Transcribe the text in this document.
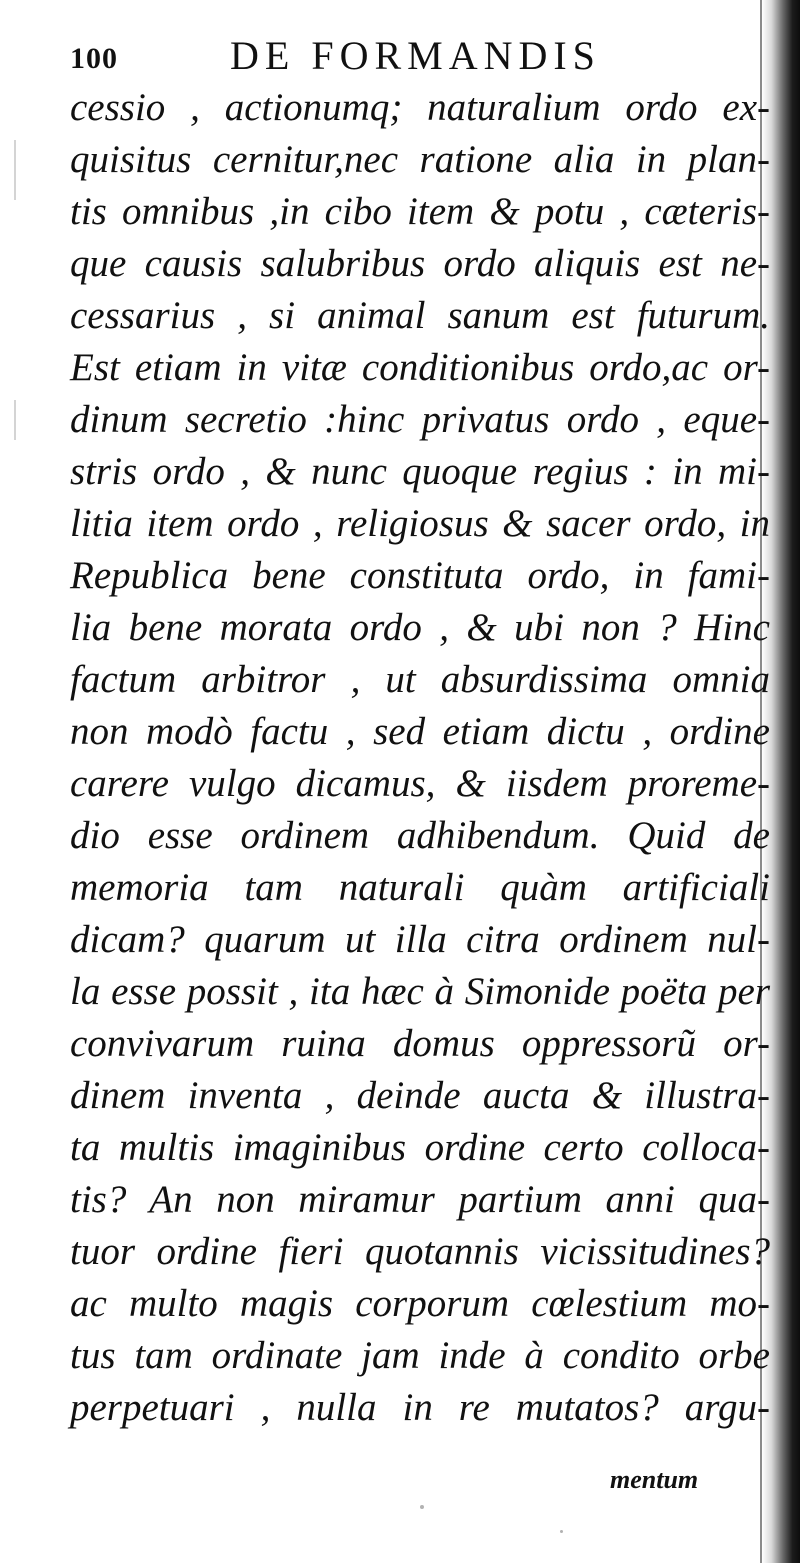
100	DE FORMANDIS
cessio , actionumq; naturalium ordo ex-
quisitus cernitur,nec ratione alia in plan-
tis omnibus ,in cibo item & potu , cæteris-
que causis salubribus ordo aliquis est ne-
cessarius , si animal sanum est futurum.
Est etiam in vitæ conditionibus ordo,ac or-
dinum secretio :hinc privatus ordo , eque-
stris ordo , & nunc quoque regius : in mi-
litia item ordo , religiosus & sacer ordo, in
Republica bene constituta ordo, in fami-
lia bene morata ordo , & ubi non ? Hinc
factum arbitror , ut absurdissima omnia
non modò factu , sed etiam dictu , ordine
carere vulgo dicamus, & iisdem proreme-
dio esse ordinem adhibendum. Quid de
memoria tam naturali quàm artificiali
dicam? quarum ut illa citra ordinem nul-
la esse possit , ita hæc à Simonide poëta per
convivarum ruina domus oppressorũ or-
dinem inventa , deinde aucta & illustra-
ta multis imaginibus ordine certo colloca-
tis? An non miramur partium anni qua-
tuor ordine fieri quotannis vicissitudines?
ac multo magis corporum cœlestium mo-
tus tam ordinate jam inde à condito orbe
perpetuari , nulla in re mutatos? argu-
mentum
